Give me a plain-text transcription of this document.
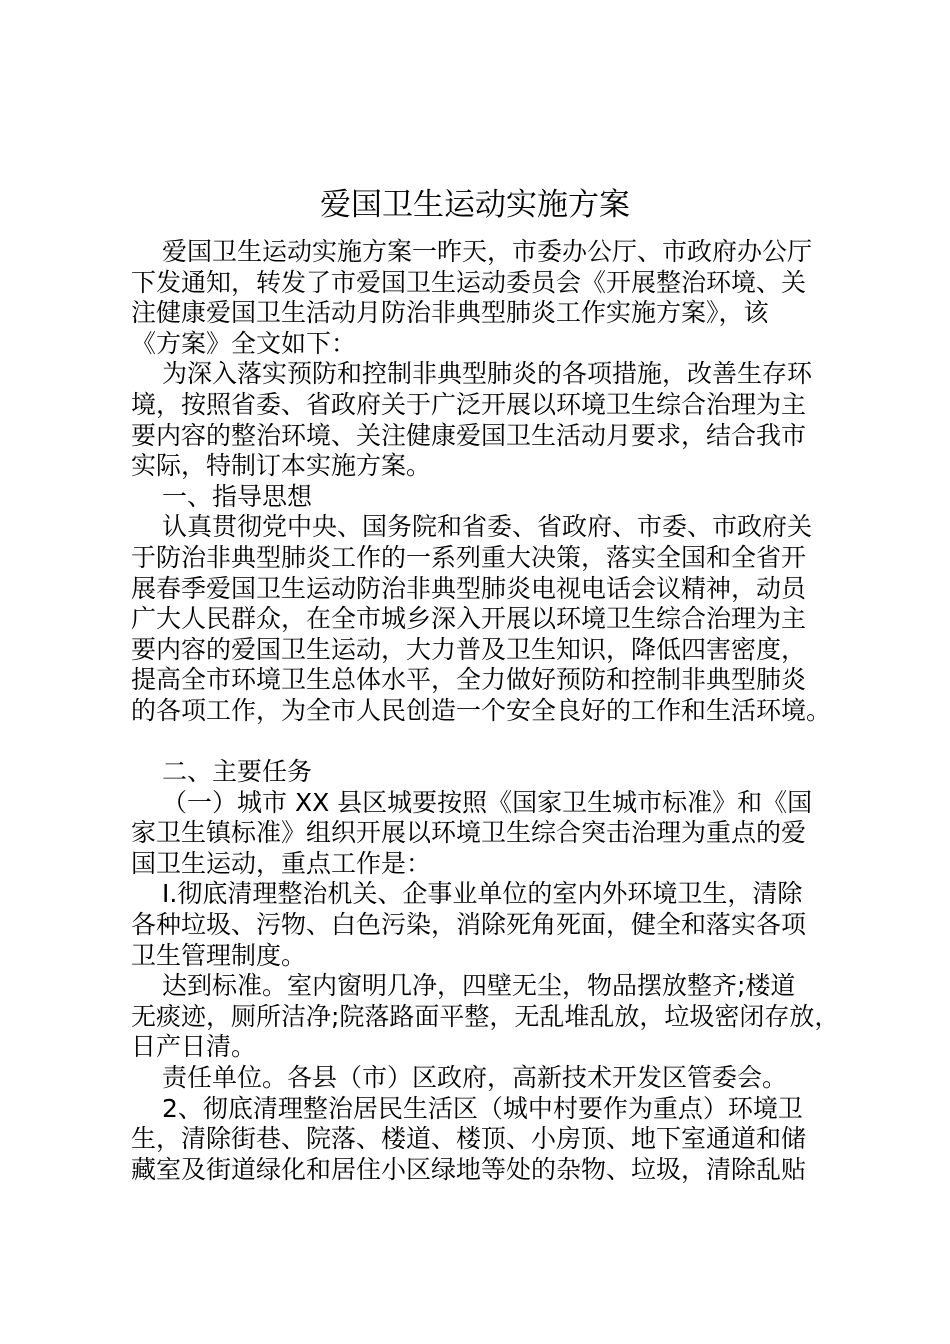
爱国卫生运动实施方案
爱国卫生运动实施方案一昨天，市委办公厅、市政府办公厅
下发通知，转发了市爱国卫生运动委员会《开展整治环境、关
注健康爱国卫生活动月防治非典型肺炎工作实施方案》，该
《方案》全文如下：
为深入落实预防和控制非典型肺炎的各项措施，改善生存环
境，按照省委、省政府关于广泛开展以环境卫生综合治理为主
要内容的整治环境、关注健康爱国卫生活动月要求，结合我市
实际，特制订本实施方案。
一、指导思想
认真贯彻党中央、国务院和省委、省政府、市委、市政府关
于防治非典型肺炎工作的一系列重大决策，落实全国和全省开
展春季爱国卫生运动防治非典型肺炎电视电话会议精神，动员
广大人民群众，在全市城乡深入开展以环境卫生综合治理为主
要内容的爱国卫生运动，大力普及卫生知识，降低四害密度，
提高全市环境卫生总体水平，全力做好预防和控制非典型肺炎
的各项工作，为全市人民创造一个安全良好的工作和生活环境。
二、主要任务
（一）城市 XX 县区城要按照《国家卫生城市标准》和《国
家卫生镇标准》组织开展以环境卫生综合突击治理为重点的爱
国卫生运动，重点工作是：
I.彻底清理整治机关、企事业单位的室内外环境卫生，清除
各种垃圾、污物、白色污染，消除死角死面，健全和落实各项
卫生管理制度。
达到标准。室内窗明几净，四壁无尘，物品摆放整齐;楼道
无痰迹，厕所洁净;院落路面平整，无乱堆乱放，垃圾密闭存放，
日产日清。
责任单位。各县（市）区政府，高新技术开发区管委会。
2、彻底清理整治居民生活区（城中村要作为重点）环境卫
生，清除街巷、院落、楼道、楼顶、小房顶、地下室通道和储
藏室及街道绿化和居住小区绿地等处的杂物、垃圾，清除乱贴
